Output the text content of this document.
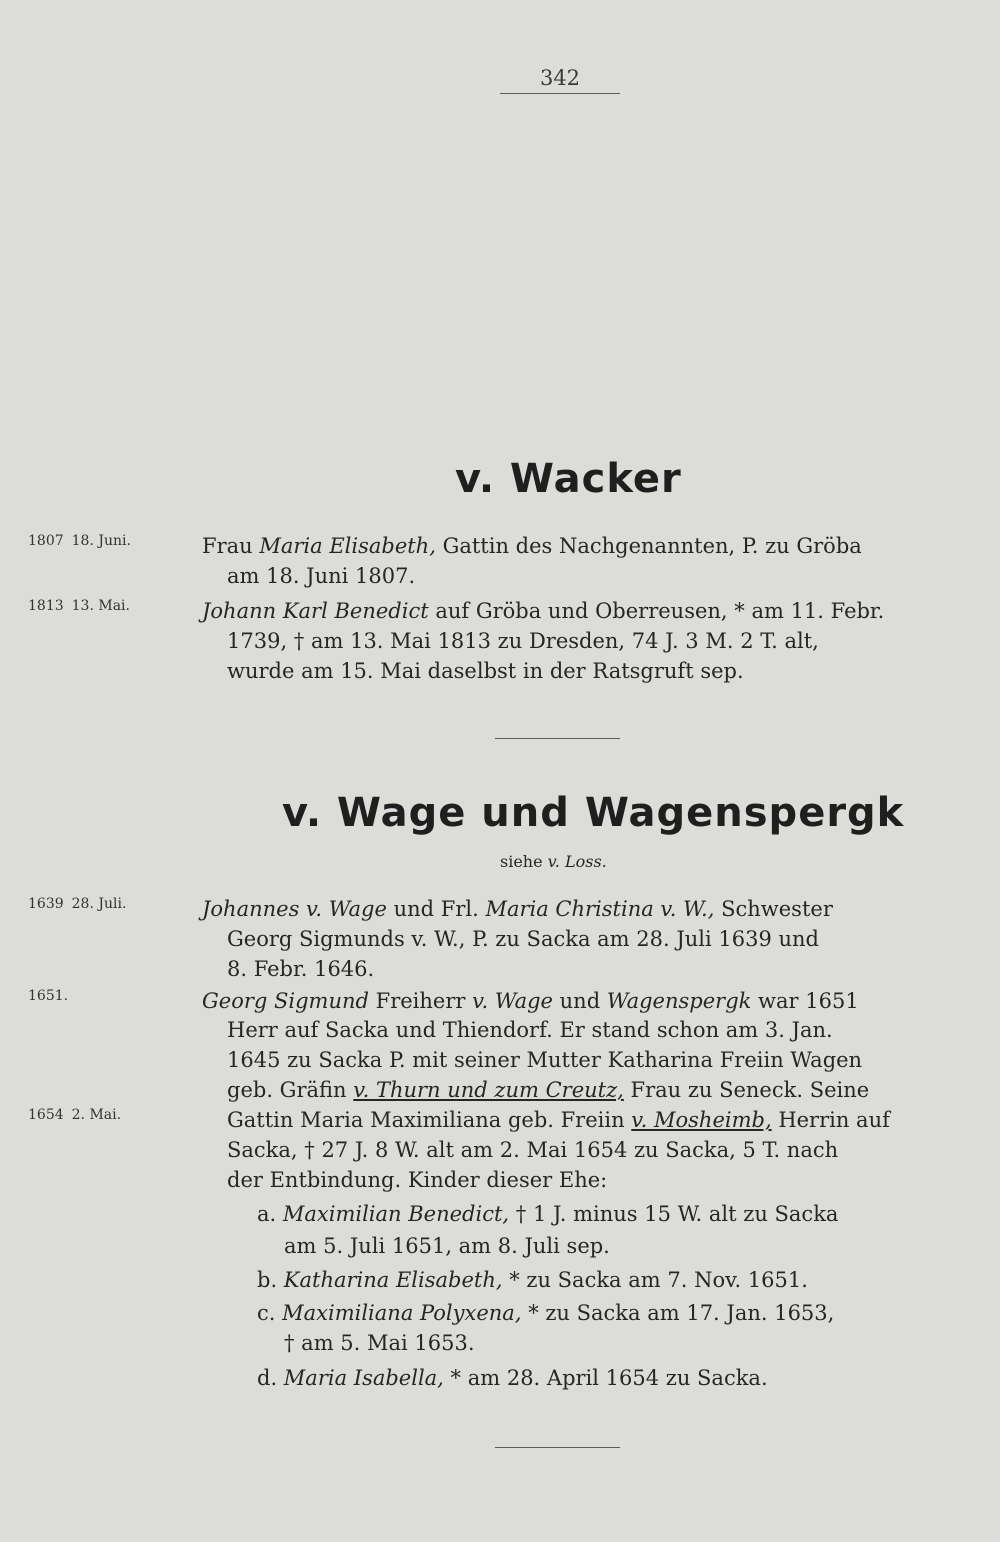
342
v. Wacker
1807 18. Juni.	Frau Maria Elisabeth, Gattin des Nachgenannten, P. zu Gröba
am 18. Juni 1807.
1813 13. Mai.	Johann Karl Benedict auf Gröba und Oberreusen, * am 11. Febr.
1739, † am 13. Mai 1813 zu Dresden, 74 J. 3 M. 2 T. alt,
wurde am 15. Mai daselbst in der Ratsgruft sep.
v. Wage und Wagenspergk
siehe v. Loss.
1639 28. Juli.	Johannes v. Wage und Frl. Maria Christina v. W., Schwester
Georg Sigmunds v. W., P. zu Sacka am 28. Juli 1639 und
8. Febr. 1646.
1651.	Georg Sigmund Freiherr v. Wage und Wagenspergk war 1651
Herr auf Sacka und Thiendorf. Er stand schon am 3. Jan.
1645 zu Sacka P. mit seiner Mutter Katharina Freiin Wagen
geb. Gräfin v. Thurn und zum Creutz, Frau zu Seneck. Seine
1654 2. Mai.	Gattin Maria Maximiliana geb. Freiin v. Mosheimb, Herrin auf
Sacka, † 27 J. 8 W. alt am 2. Mai 1654 zu Sacka, 5 T. nach
der Entbindung. Kinder dieser Ehe:
a. Maximilian Benedict, † 1 J. minus 15 W. alt zu Sacka
am 5. Juli 1651, am 8. Juli sep.
b. Katharina Elisabeth, * zu Sacka am 7. Nov. 1651.
c. Maximiliana Polyxena, * zu Sacka am 17. Jan. 1653,
† am 5. Mai 1653.
d. Maria Isabella, * am 28. April 1654 zu Sacka.
